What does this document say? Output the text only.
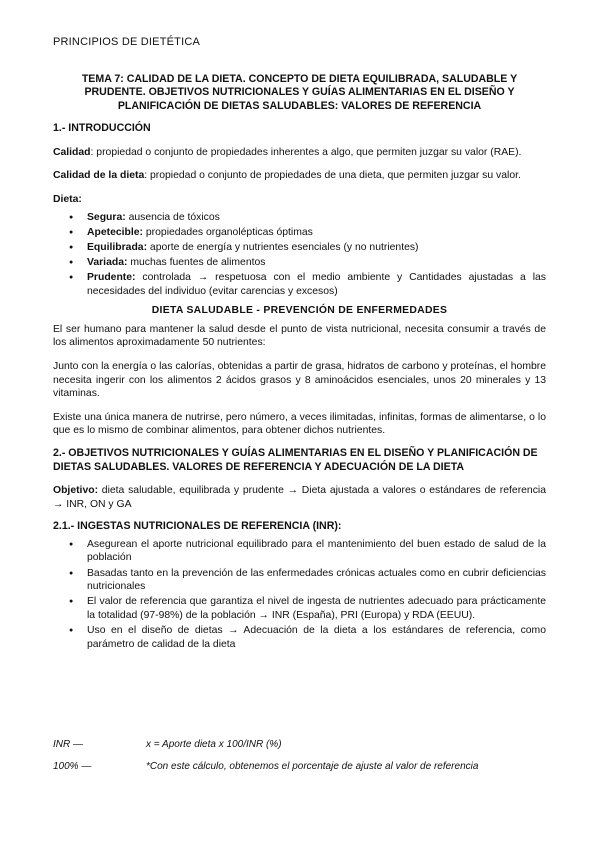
PRINCIPIOS DE DIETÉTICA
TEMA 7: CALIDAD DE LA DIETA. CONCEPTO DE DIETA EQUILIBRADA, SALUDABLE Y PRUDENTE. OBJETIVOS NUTRICIONALES Y GUÍAS ALIMENTARIAS EN EL DISEÑO Y PLANIFICACIÓN DE DIETAS SALUDABLES: VALORES DE REFERENCIA
1.- INTRODUCCIÓN

Calidad: propiedad o conjunto de propiedades inherentes a algo, que permiten juzgar su valor (RAE).

Calidad de la dieta: propiedad o conjunto de propiedades de una dieta, que permiten juzgar su valor.

Dieta:

● Segura: ausencia de tóxicos
● Apetecible: propiedades organolépticas óptimas
● Equilibrada: aporte de energía y nutrientes esenciales (y no nutrientes)
● Variada: muchas fuentes de alimentos
● Prudente: controlada → respetuosa con el medio ambiente y Cantidades ajustadas a las necesidades del individuo (evitar carencias y excesos)
DIETA SALUDABLE - PREVENCIÓN DE ENFERMEDADES

El ser humano para mantener la salud desde el punto de vista nutricional, necesita consumir a través de los alimentos aproximadamente 50 nutrientes:

Junto con la energía o las calorías, obtenidas a partir de grasa, hidratos de carbono y proteínas, el hombre necesita ingerir con los alimentos 2 ácidos grasos y 8 aminoácidos esenciales, unos 20 minerales y 13 vitaminas.

Existe una única manera de nutrirse, pero número, a veces ilimitadas, infinitas, formas de alimentarse, o lo que es lo mismo de combinar alimentos, para obtener dichos nutrientes.

2.- OBJETIVOS NUTRICIONALES Y GUÍAS ALIMENTARIAS EN EL DISEÑO Y PLANIFICACIÓN DE DIETAS SALUDABLES. VALORES DE REFERENCIA Y ADECUACIÓN DE LA DIETA

Objetivo: dieta saludable, equilibrada y prudente → Dieta ajustada a valores o estándares de referencia → INR, ON y GA

2.1.- INGESTAS NUTRICIONALES DE REFERENCIA (INR):
● Asegurean el aporte nutricional equilibrado para el mantenimiento del buen estado de salud de la población
● Basadas tanto en la prevención de las enfermedades crónicas actuales como en cubrir deficiencias nutricionales
● El valor de referencia que garantiza el nivel de ingesta de nutrientes adecuado para prácticamente la totalidad (97-98%) de la población → INR (España), PRI (Europa) y RDA (EEUU).
● Uso en el diseño de dietas → Adecuación de la dieta a los estándares de referencia, como parámetro de calidad de la dieta
INR —	x = Aporte dieta x 100/INR (%)
100% —	*Con este cálculo, obtenemos el porcentaje de ajuste al valor de referencia
